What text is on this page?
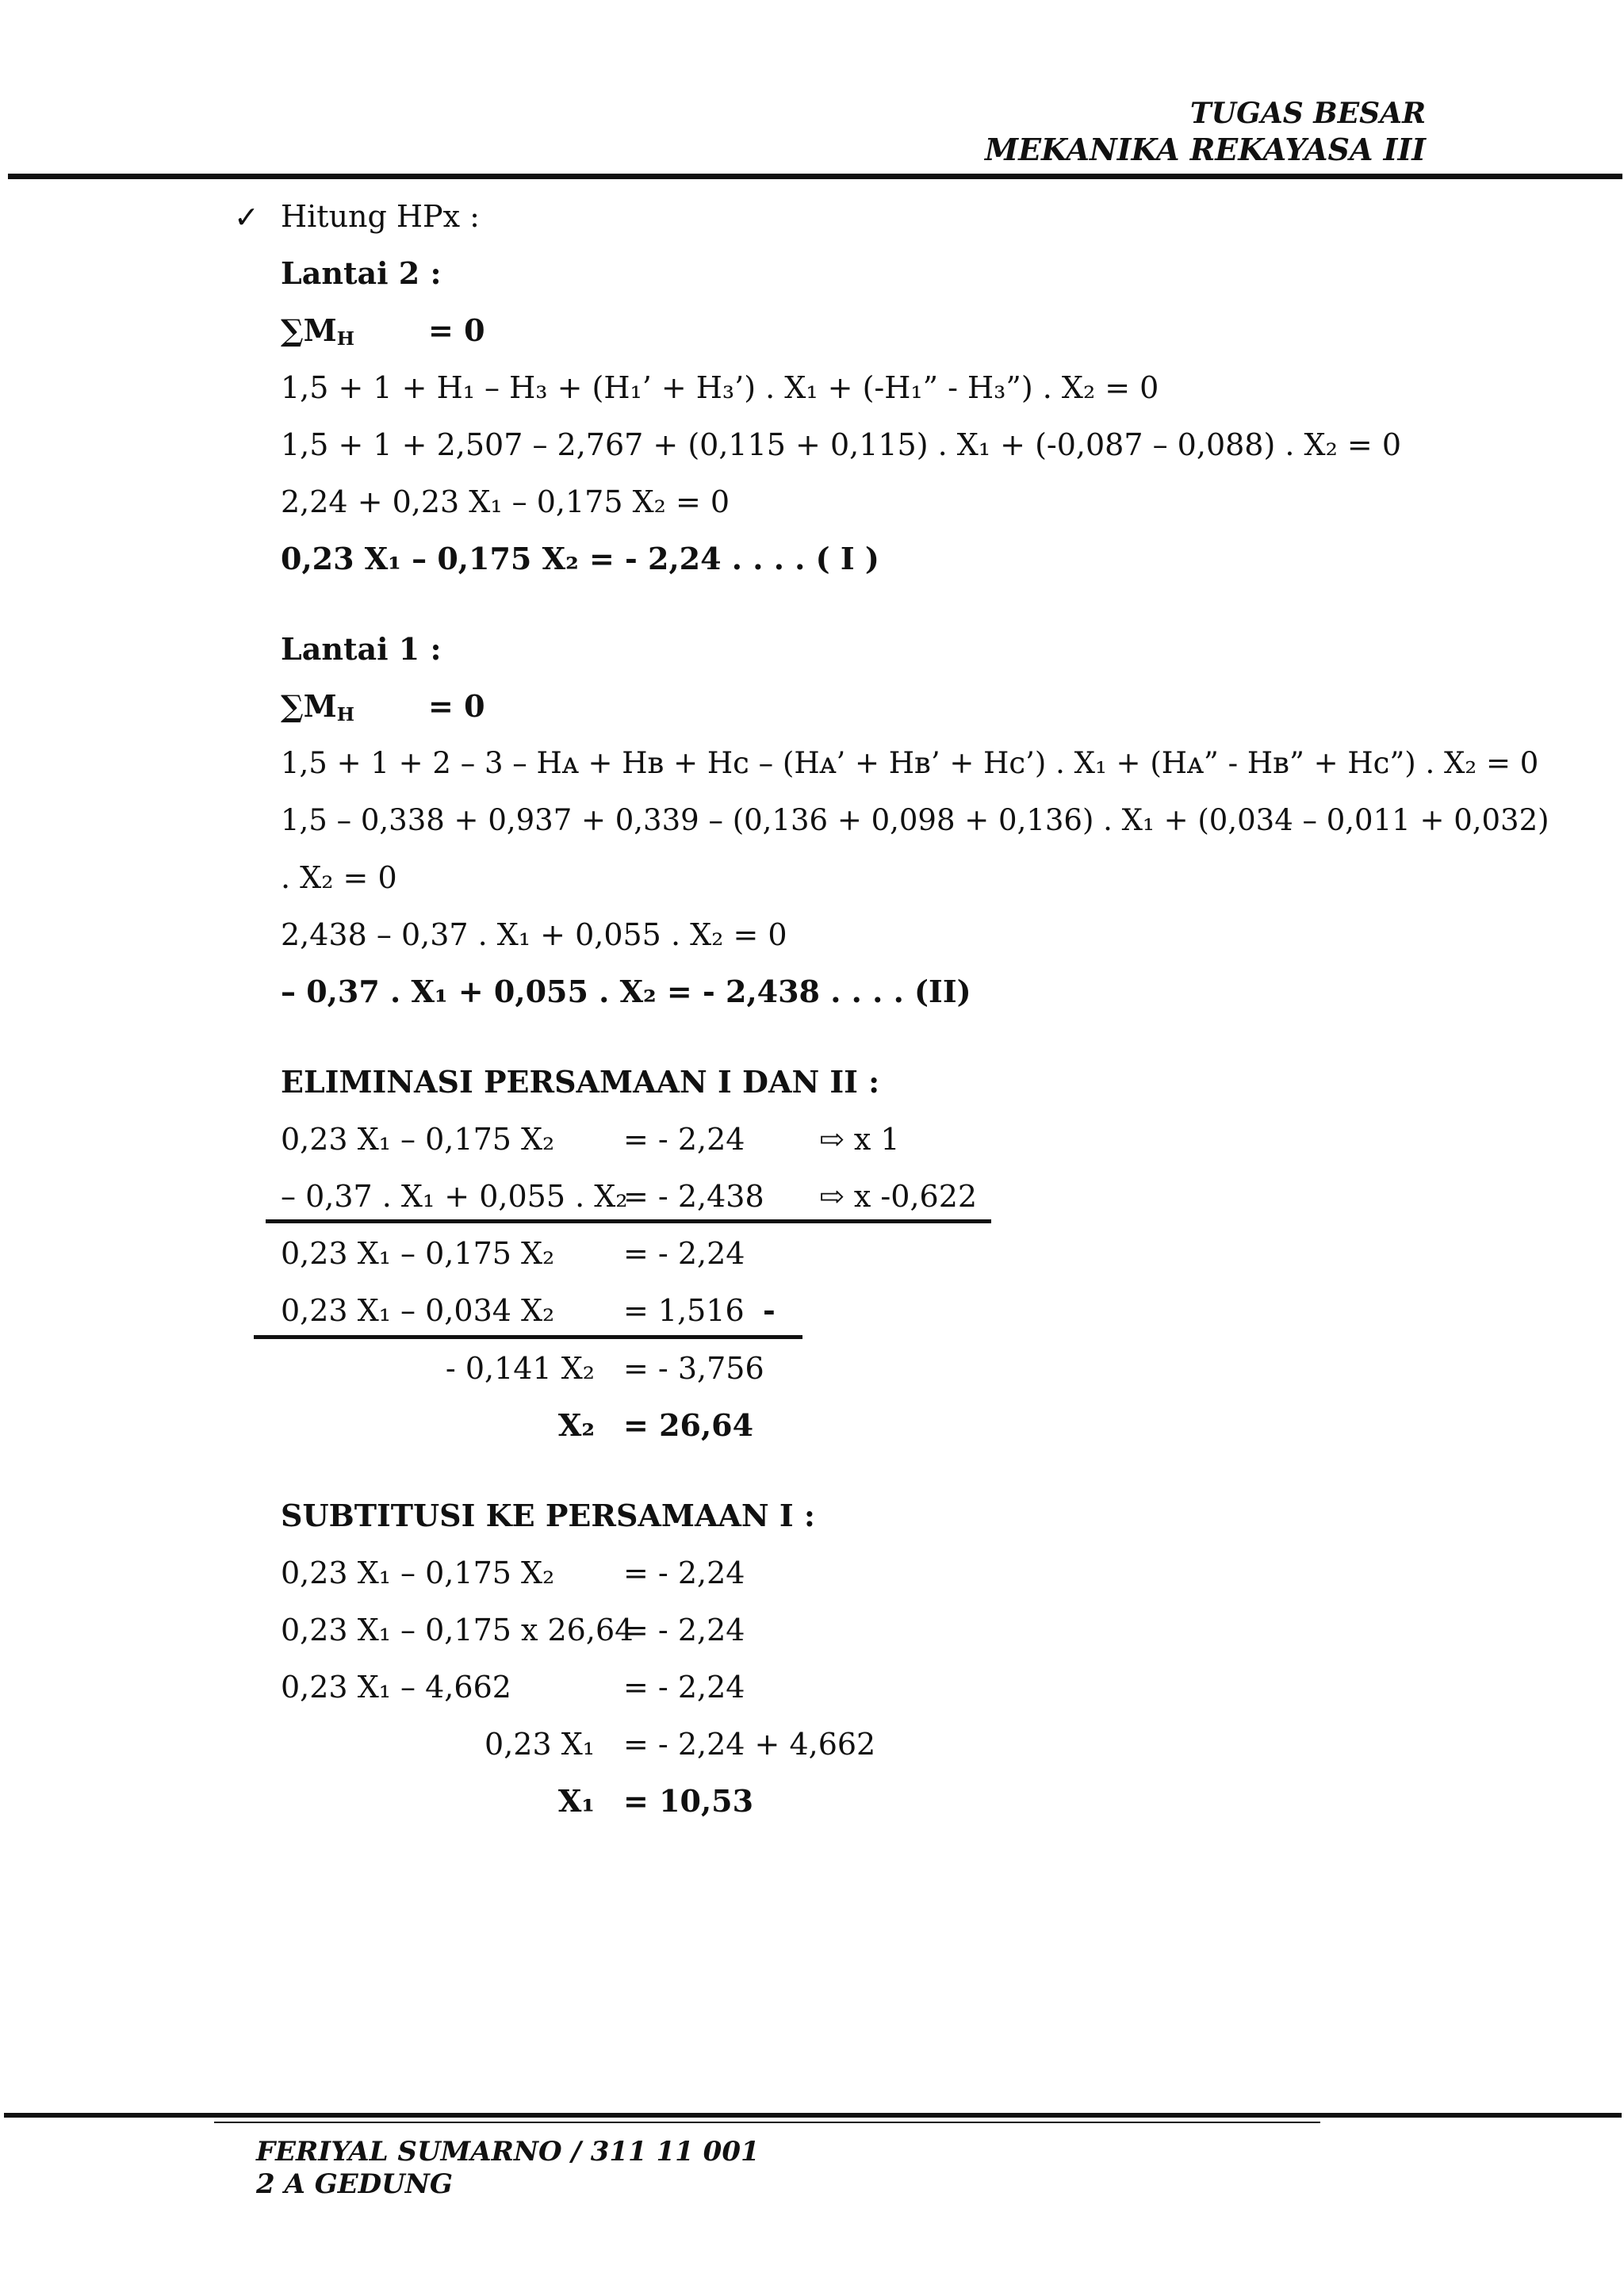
TUGAS BESAR
MEKANIKA REKAYASA III
✓ Hitung HPx :
Lantai 2 :
$\sum M_H = 0$
1,5 + 1 + H₁ – H₃ + (H₁’ + H₃’) . X₁ + (-H₁” - H₃”) . X₂ = 0
1,5 + 1 + 2,507 – 2,767 + (0,115 + 0,115) . X₁ + (-0,087 – 0,088) . X₂ = 0
2,24 + 0,23 X₁ – 0,175 X₂ = 0
0,23 X₁ – 0,175 X₂ = - 2,24 . . . . ( I )
Lantai 1 :
$\sum M_H = 0$
1,5 + 1 + 2 – 3 – Hᴀ + Hʙ + Hᴄ – (Hᴀ’ + Hʙ’ + Hᴄ’) . X₁ + (Hᴀ” - Hʙ” + Hᴄ”) . X₂ = 0
1,5 – 0,338 + 0,937 + 0,339 – (0,136 + 0,098 + 0,136) . X₁ + (0,034 – 0,011 + 0,032)
. X₂ = 0
2,438 – 0,37 . X₁ + 0,055 . X₂ = 0
– 0,37 . X₁ + 0,055 . X₂ = - 2,438 . . . . (II)
ELIMINASI PERSAMAAN I DAN II :
0,23 X₁ – 0,175 X₂ = - 2,24 ⇨ x 1
– 0,37 . X₁ + 0,055 . X₂
= - 2,438 ⇨ x -0,622
0,23 X₁ – 0,175 X₂ = - 2,24
0,23 X₁ – 0,034 X₂ = 1,516 -
- 0,141 X₂ = - 3,756
X₂ = 26,64
SUBTITUSI KE PERSAMAAN I :
0,23 X₁ – 0,175 X₂ = - 2,24
0,23 X₁ – 0,175 x 26,64
= - 2,24
0,23 X₁ – 4,662	= - 2,24
0,23 X₁ = - 2,24 + 4,662
X₁ = 10,53
FERIYAL SUMARNO / 311 11 001
2 A GEDUNG
